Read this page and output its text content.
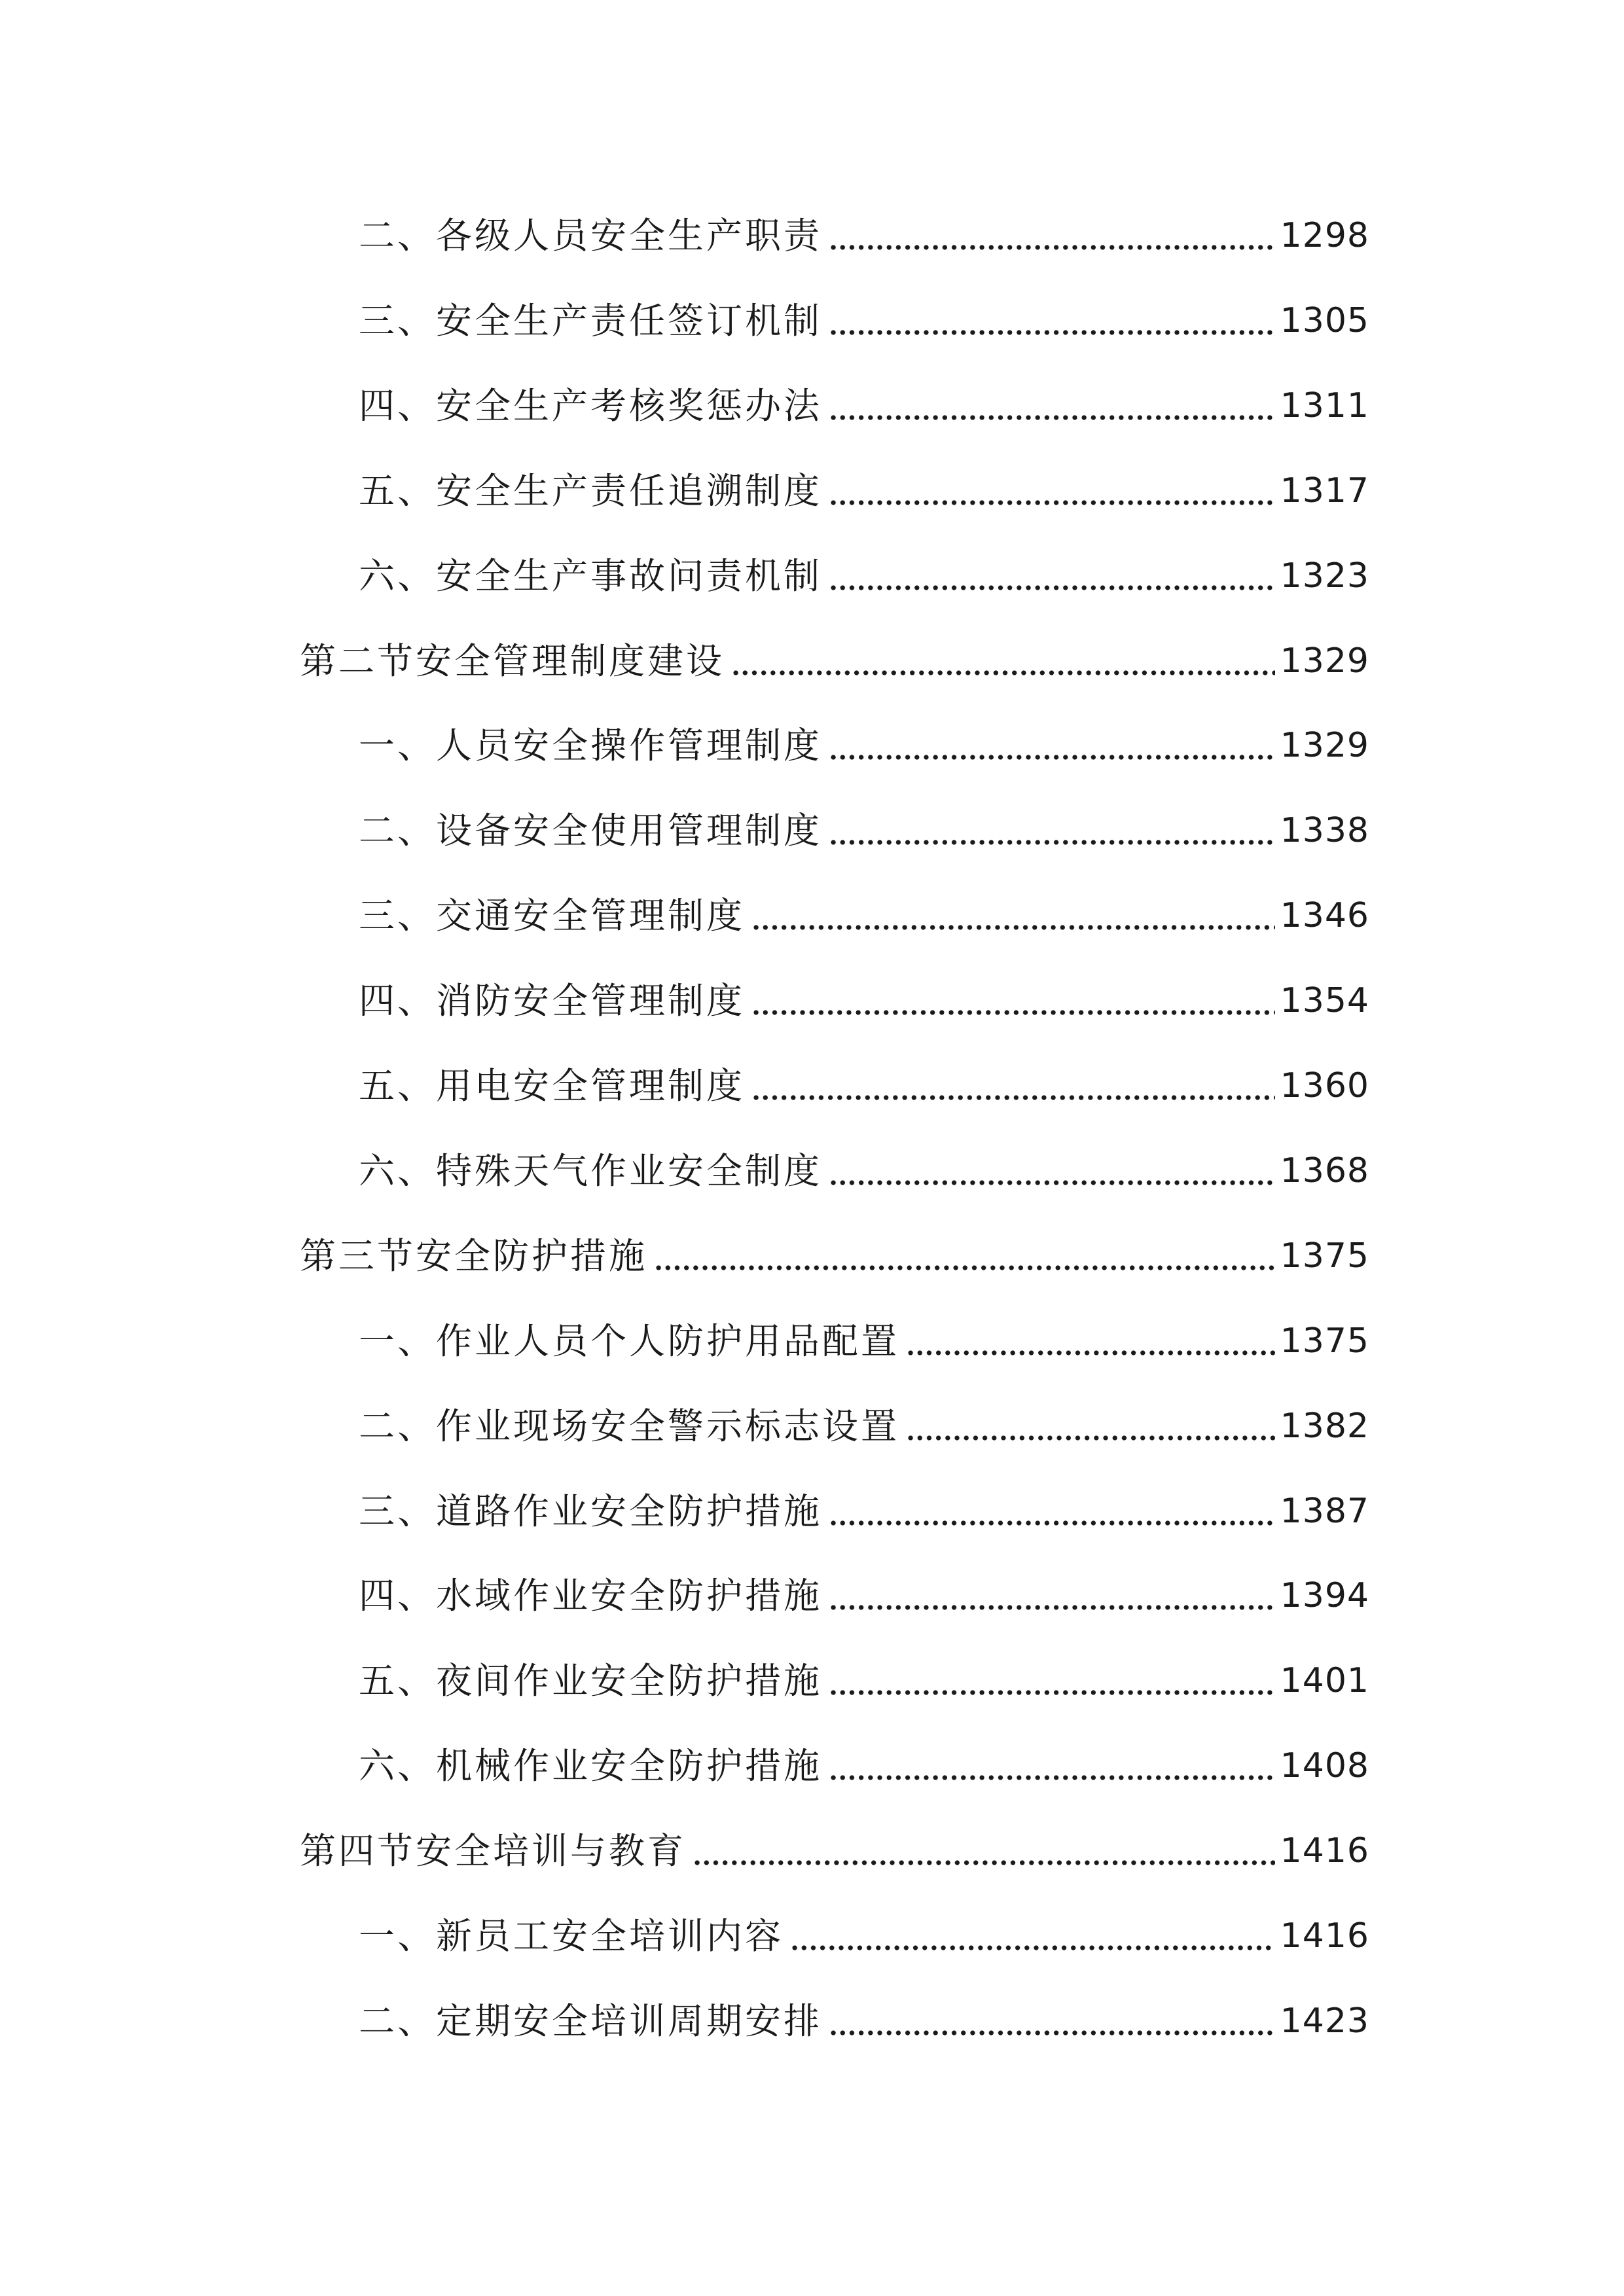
二、各级人员安全生产职责	1298
三、安全生产责任签订机制	1305
四、安全生产考核奖惩办法	1311
五、安全生产责任追溯制度	1317
六、安全生产事故问责机制	1323
第二节安全管理制度建设	1329
一、人员安全操作管理制度	1329
二、设备安全使用管理制度	1338
三、交通安全管理制度	1346
四、消防安全管理制度	1354
五、用电安全管理制度	1360
六、特殊天气作业安全制度	1368
第三节安全防护措施	1375
一、作业人员个人防护用品配置	1375
二、作业现场安全警示标志设置	1382
三、道路作业安全防护措施	1387
四、水域作业安全防护措施	1394
五、夜间作业安全防护措施	1401
六、机械作业安全防护措施	1408
第四节安全培训与教育	1416
一、新员工安全培训内容	1416
二、定期安全培训周期安排	1423
